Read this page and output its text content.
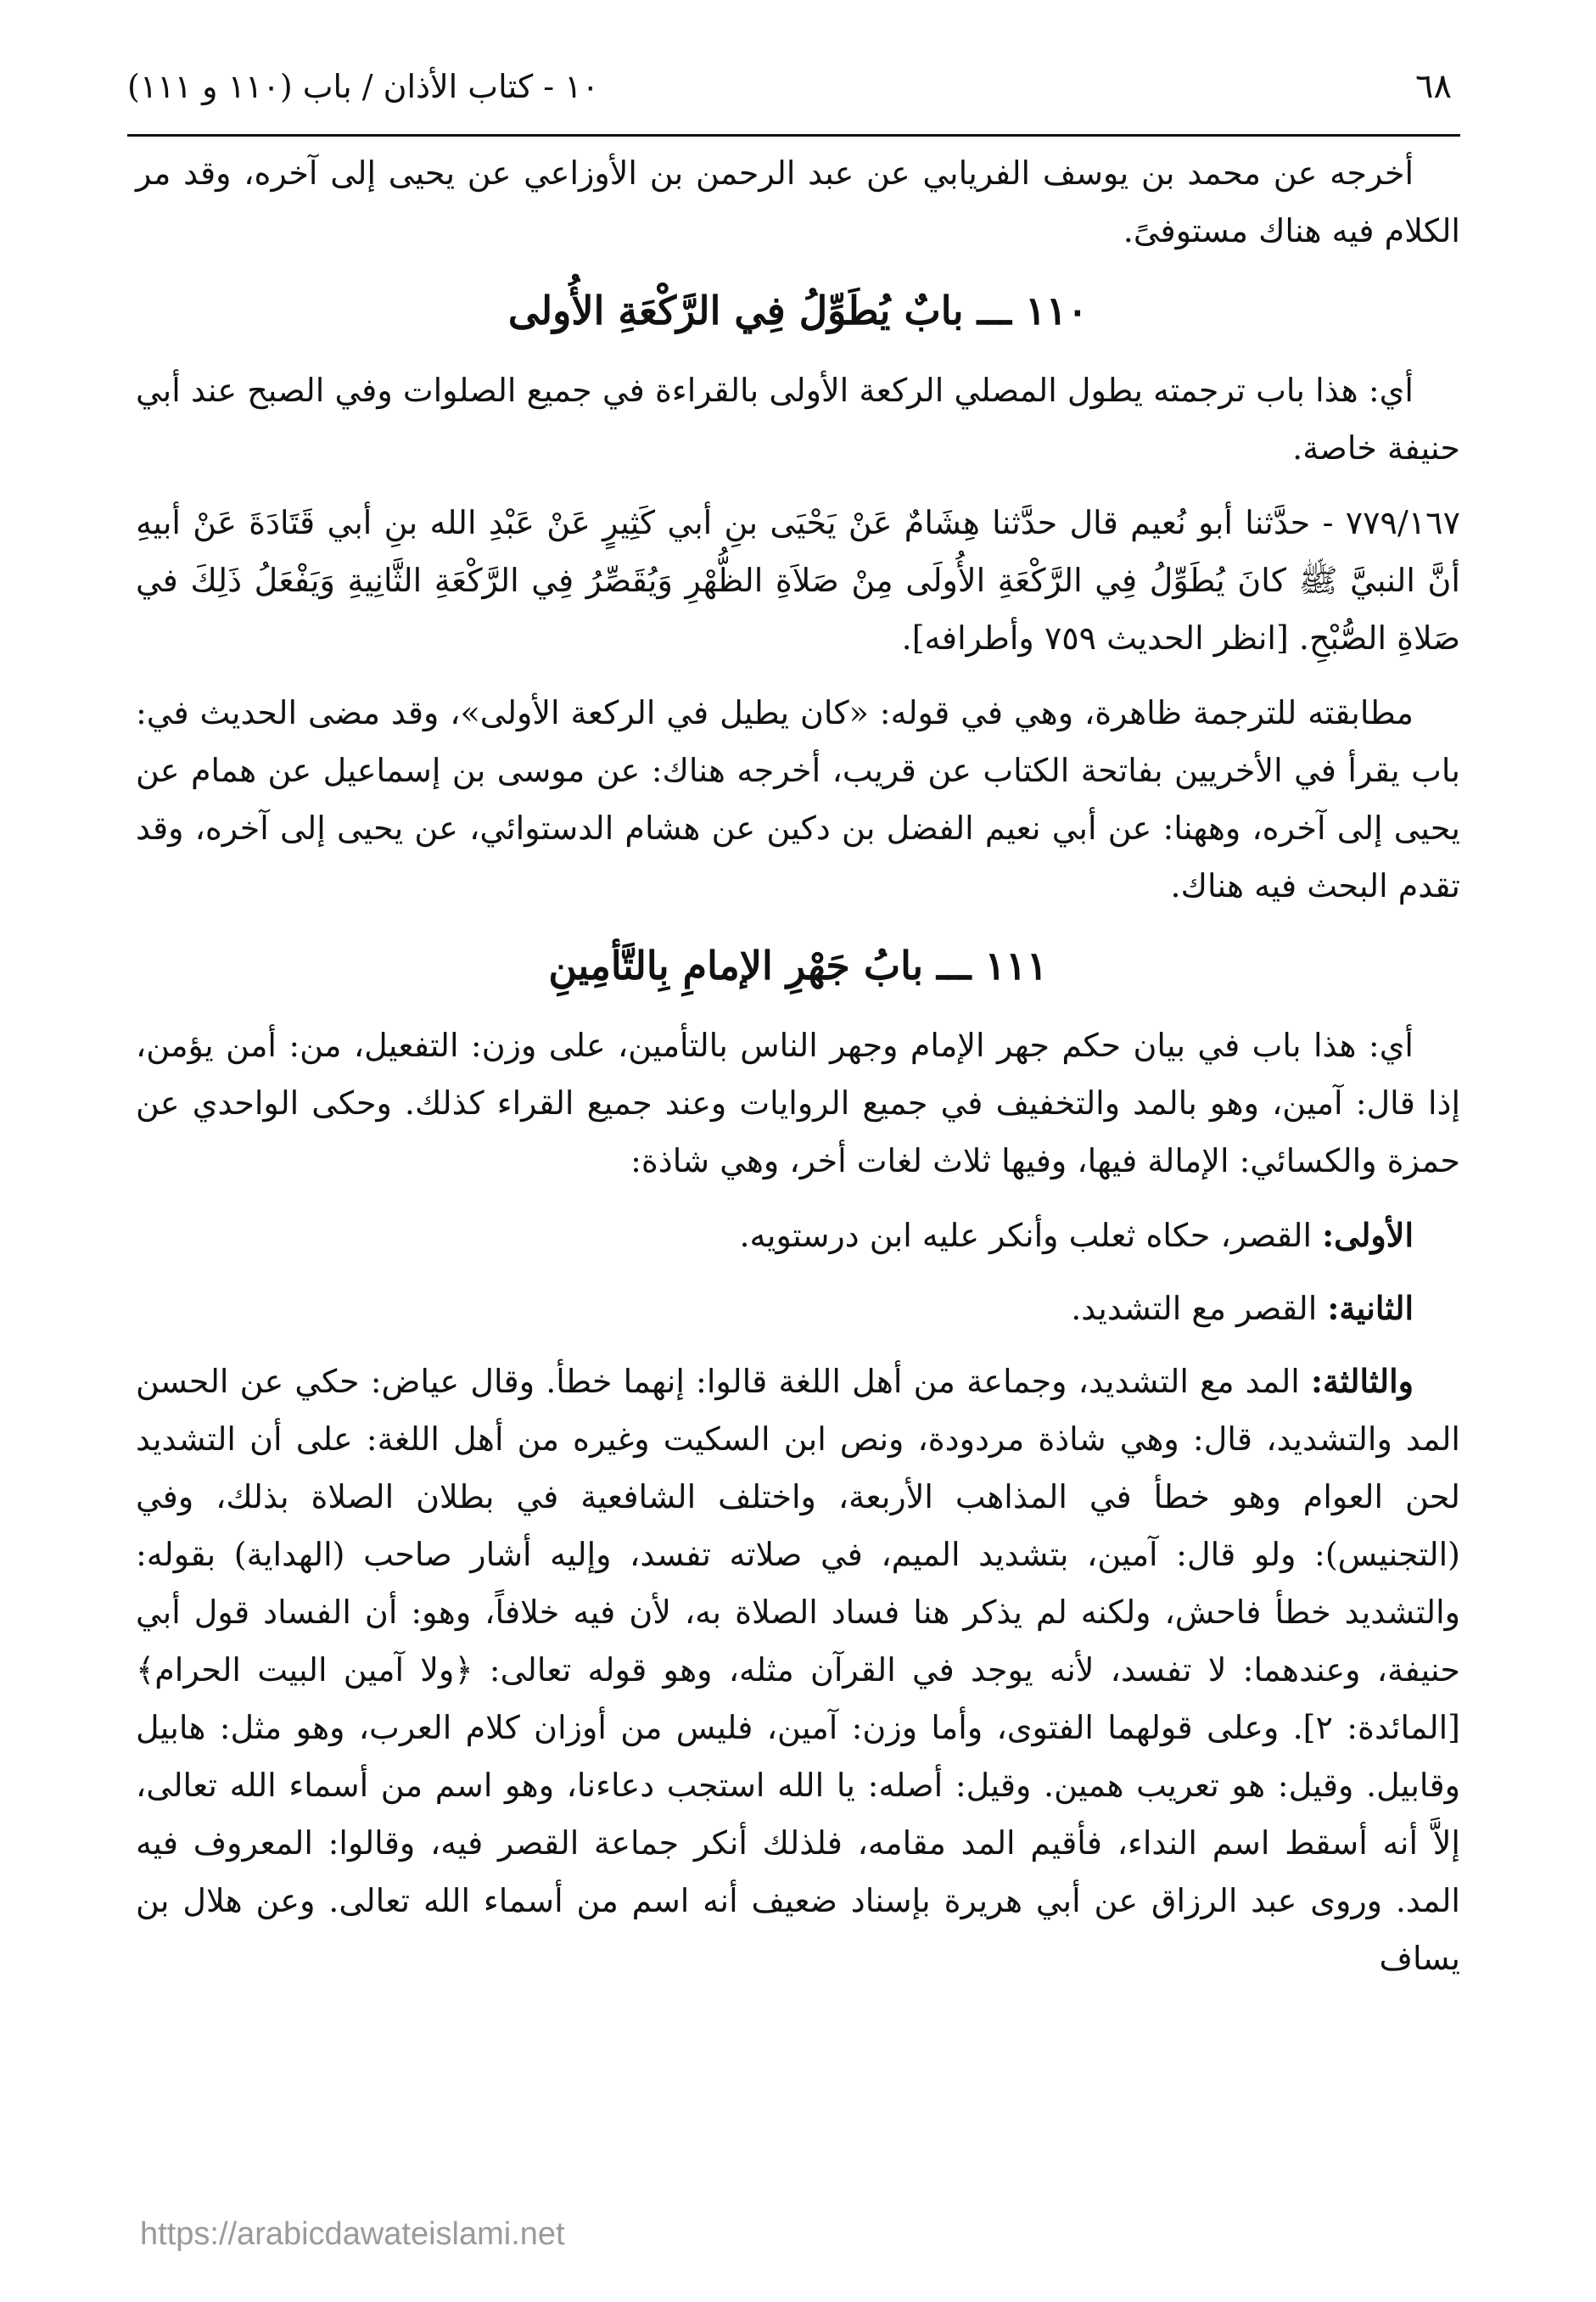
٦٨
١٠ - كتاب الأذان / باب (١١٠ و ١١١)

أخرجه عن محمد بن يوسف الفريابي عن عبد الرحمن بن الأوزاعي عن يحيى إلى آخره، وقد مر الكلام فيه هناك مستوفىً.

١١٠ ـــ بابٌ يُطَوِّلُ فِي الرَّكْعَةِ الأُولى

أي: هذا باب ترجمته يطول المصلي الركعة الأولى بالقراءة في جميع الصلوات وفي الصبح عند أبي حنيفة خاصة.

٧٧٩/١٦٧ - حدَّثنا أبو نُعيم قال حدَّثنا هِشَامٌ عَنْ يَحْيَى بنِ أبي كَثِيرٍ عَنْ عَبْدِ الله بنِ أبي قَتَادَةَ عَنْ أبيهِ أنَّ النبيَّ ﷺ كانَ يُطَوِّلُ فِي الرَّكْعَةِ الأُولَى مِنْ صَلاَةِ الظُّهْرِ وَيُقَصِّرُ فِي الرَّكْعَةِ الثَّانِيةِ وَيَفْعَلُ ذَلِكَ في صَلاةِ الصُّبْحِ. [انظر الحديث ٧٥٩ وأطرافه].

مطابقته للترجمة ظاهرة، وهي في قوله: «كان يطيل في الركعة الأولى»، وقد مضى الحديث في: باب يقرأ في الأخريين بفاتحة الكتاب عن قريب، أخرجه هناك: عن موسى بن إسماعيل عن همام عن يحيى إلى آخره، وههنا: عن أبي نعيم الفضل بن دكين عن هشام الدستوائي، عن يحيى إلى آخره، وقد تقدم البحث فيه هناك.

١١١ ـــ بابُ جَهْرِ الإمامِ بِالتَّأمِينِ

أي: هذا باب في بيان حكم جهر الإمام وجهر الناس بالتأمين، على وزن: التفعيل، من: أمن يؤمن، إذا قال: آمين، وهو بالمد والتخفيف في جميع الروايات وعند جميع القراء كذلك. وحكى الواحدي عن حمزة والكسائي: الإمالة فيها، وفيها ثلاث لغات أخر، وهي شاذة:

الأولى: القصر، حكاه ثعلب وأنكر عليه ابن درستويه.

الثانية: القصر مع التشديد.

والثالثة: المد مع التشديد، وجماعة من أهل اللغة قالوا: إنهما خطأ. وقال عياض: حكي عن الحسن المد والتشديد، قال: وهي شاذة مردودة، ونص ابن السكيت وغيره من أهل اللغة: على أن التشديد لحن العوام وهو خطأ في المذاهب الأربعة، واختلف الشافعية في بطلان الصلاة بذلك، وفي (التجنيس): ولو قال: آمين، بتشديد الميم، في صلاته تفسد، وإليه أشار صاحب (الهداية) بقوله: والتشديد خطأ فاحش، ولكنه لم يذكر هنا فساد الصلاة به، لأن فيه خلافاً، وهو: أن الفساد قول أبي حنيفة، وعندهما: لا تفسد، لأنه يوجد في القرآن مثله، وهو قوله تعالى: ﴿ولا آمين البيت الحرام﴾ [المائدة: ٢]. وعلى قولهما الفتوى، وأما وزن: آمين، فليس من أوزان كلام العرب، وهو مثل: هابيل وقابيل. وقيل: هو تعريب همين. وقيل: أصله: يا الله استجب دعاءنا، وهو اسم من أسماء الله تعالى، إلاَّ أنه أسقط اسم النداء، فأقيم المد مقامه، فلذلك أنكر جماعة القصر فيه، وقالوا: المعروف فيه المد. وروى عبد الرزاق عن أبي هريرة بإسناد ضعيف أنه اسم من أسماء الله تعالى. وعن هلال بن يساف

https://arabicdawateislami.net
